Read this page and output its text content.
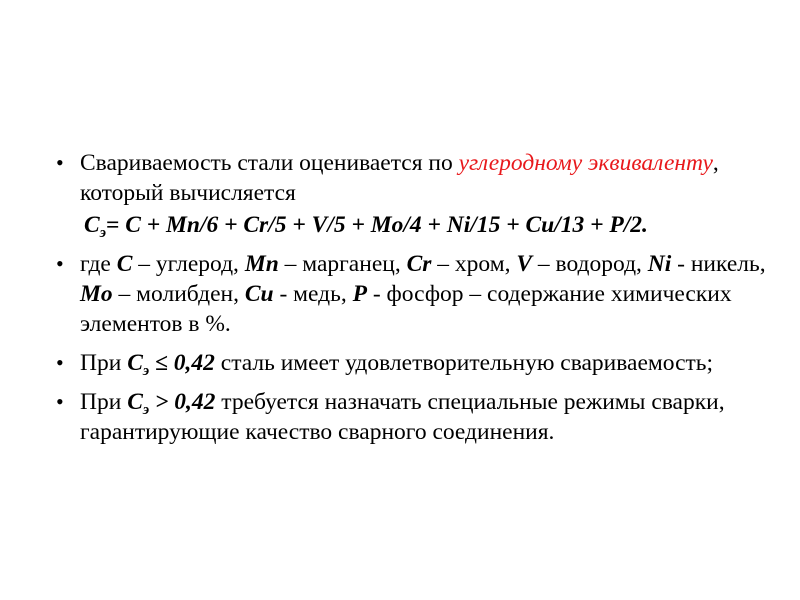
• Свариваемость стали оценивается по углеродному эквиваленту, который вычисляется
$С_э= С + Mn/6 + Cr/5 + V/5 + Mo/4 + Ni/15 + Cu/13 + P/2$.
• где С – углерод, Mn – марганец, Cr – хром, V – водород, Ni - никель, Mo – молибден, Cu - медь, P - фосфор – содержание химических элементов в %.
• При $С_э \le 0,42$ сталь имеет удовлетворительную свариваемость;
• При $С_э > 0,42$ требуется назначать специальные режимы сварки, гарантирующие качество сварного соединения.
